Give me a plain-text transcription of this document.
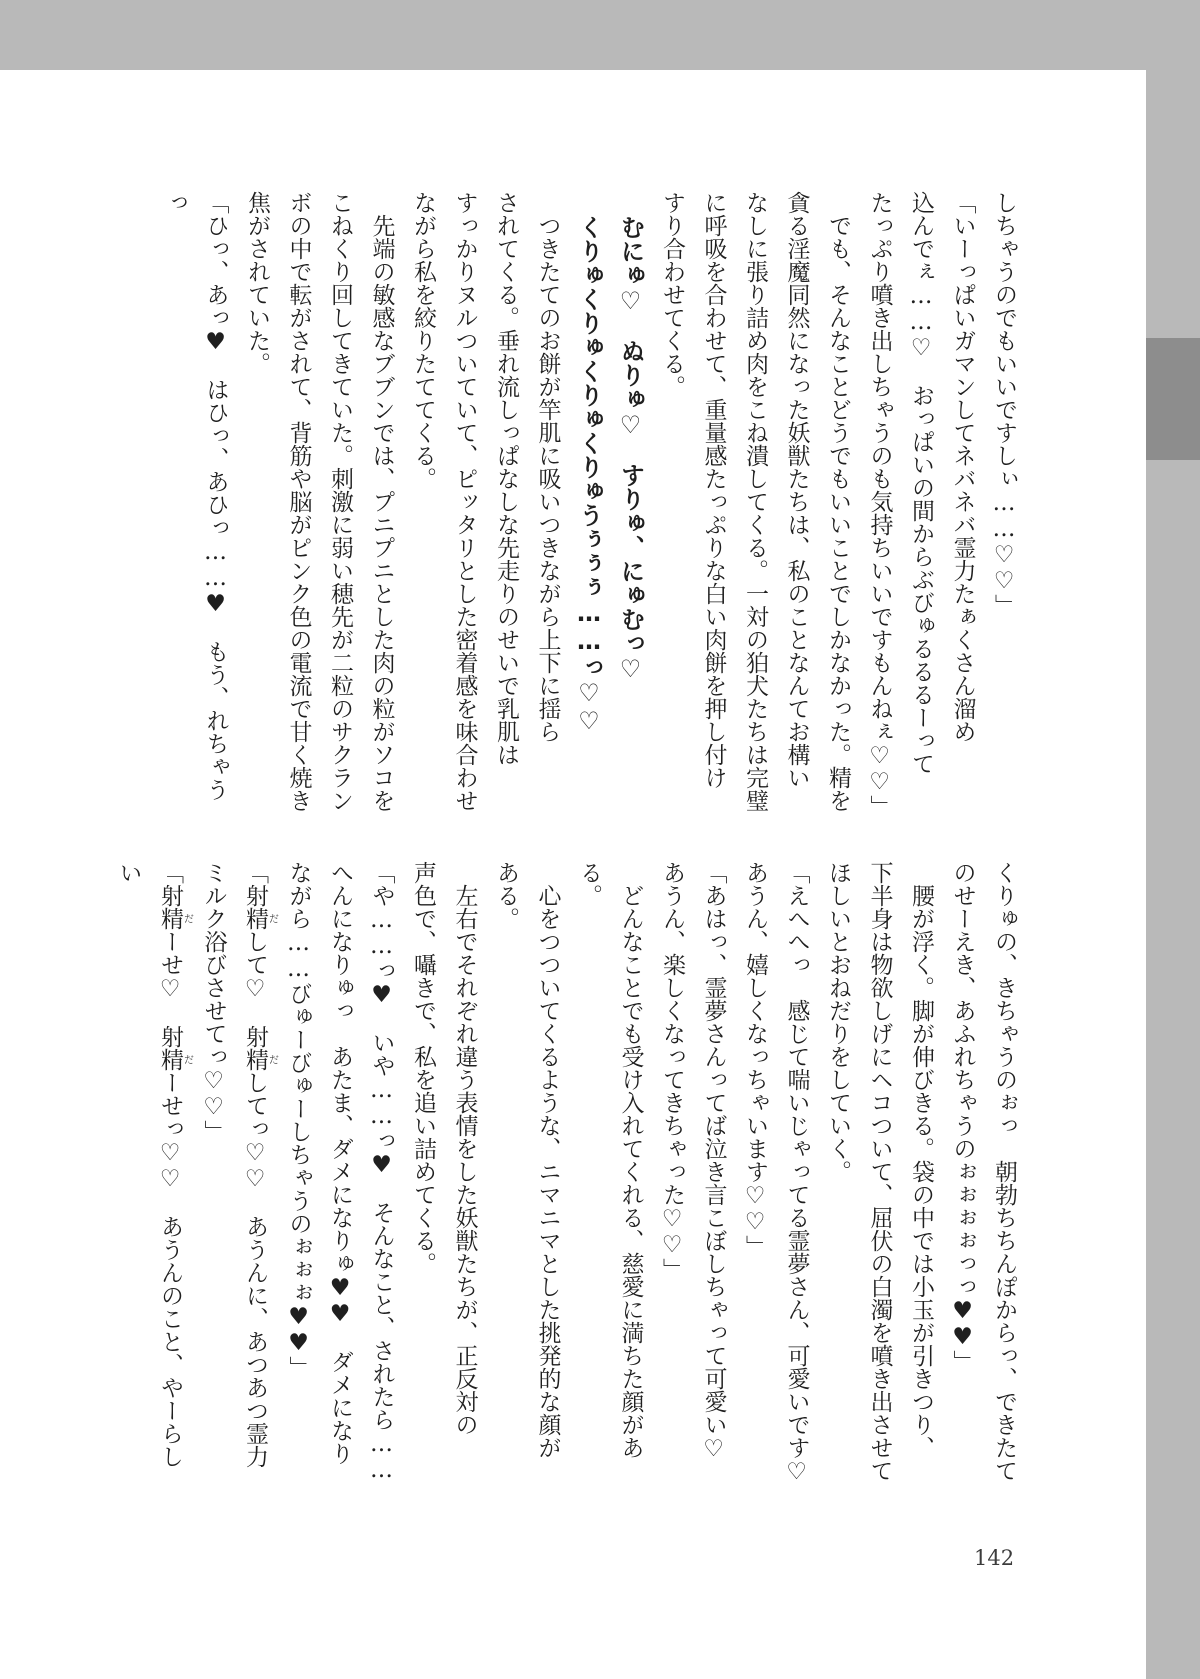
しちゃうのでもいいですしぃ……♡♡」

「いーっぱいガマンしてネバネバ霊力たぁくさん溜め

込んでぇ……♡　おっぱいの間からぶびゅるるるーって

たっぷり噴き出しちゃうのも気持ちいいですもんねぇ♡♡」

でも、そんなことどうでもいいことでしかなかった。精を

貪る淫魔同然になった妖獣たちは、私のことなんてお構い

なしに張り詰め肉をこね潰してくる。一対の狛犬たちは完璧

に呼吸を合わせて、重量感たっぷりな白い肉餅を押し付け

すり合わせてくる。

むにゅ♡　ぬりゅ♡　すりゅ、にゅむっ♡

くりゅくりゅくりゅくりゅうぅぅぅ……っ♡♡

つきたてのお餅が竿肌に吸いつきながら上下に揺ら

されてくる。垂れ流しっぱなしな先走りのせいで乳肌は

すっかりヌルついていて、ピッタリとした密着感を味合わせ

ながら私を絞りたててくる。

先端の敏感なブブンでは、プニプニとした肉の粒がソコを

こねくり回してきていた。刺激に弱い穂先が二粒のサクラン

ボの中で転がされて、背筋や脳がピンク色の電流で甘く焼き

焦がされていた。

「ひっ、あっ♥　はひっ、あひっ……♥　もう、れちゃうっ

くりゅの、きちゃうのぉっ　朝勃ちちんぽからっ、できたて

のせーえき、あふれちゃうのぉぉぉぉっっ♥♥」

腰が浮く。脚が伸びきる。袋の中では小玉が引きつり、

下半身は物欲しげにヘコついて、屈伏の白濁を噴き出させて

ほしいとおねだりをしていく。

「えへへっ　感じて喘いじゃってる霊夢さん、可愛いです♡

あうん、嬉しくなっちゃいます♡♡」

「あはっ、霊夢さんってば泣き言こぼしちゃって可愛い♡

あうん、楽しくなってきちゃった♡♡」

どんなことでも受け入れてくれる、慈愛に満ちた顔がある。

心をつついてくるような、ニマニマとした挑発的な顔が

ある。

左右でそれぞれ違う表情をした妖獣たちが、正反対の

声色で、囁きで、私を追い詰めてくる。

「や……っ♥　いや……っ♥　そんなこと、されたら……

へんになりゅっ　あたま、ダメになりゅ♥♥　ダメになり

ながら……びゅーびゅーしちゃうのぉぉぉ♥♥」

「射精だして♡　射精だしてっ♡♡　あうんに、あつあつ霊力

ミルク浴びさせてっ♡♡」

「射精だーせ♡　射精だーせっ♡♡　あうんのこと、やーらしい

142
